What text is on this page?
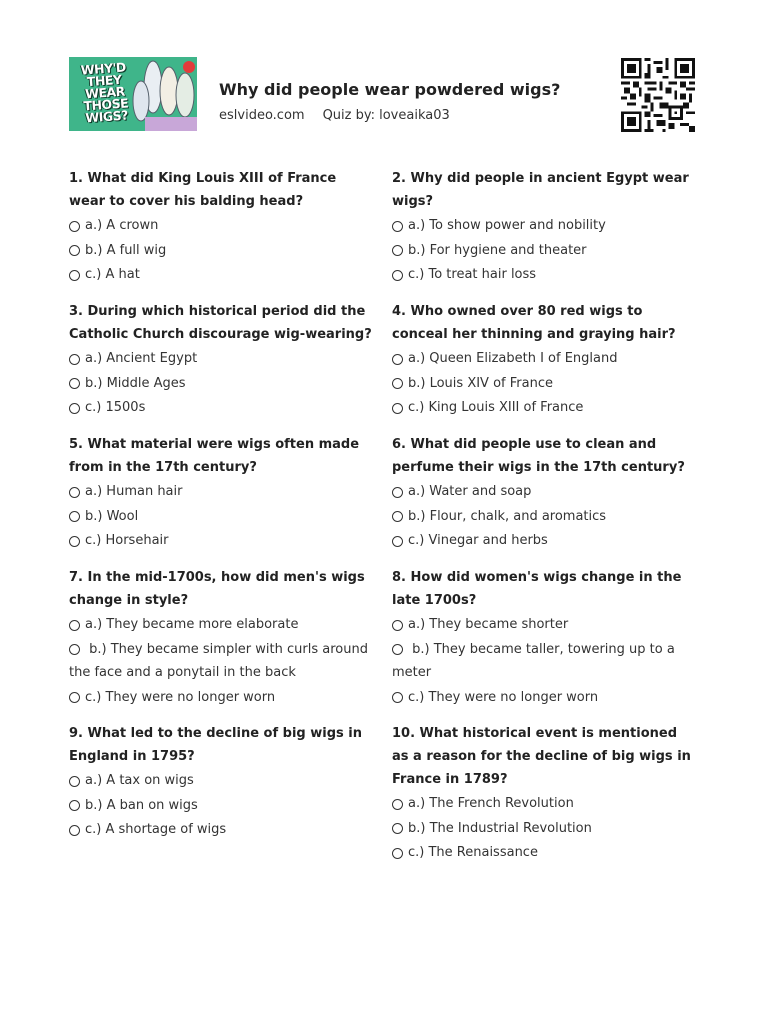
WHY'D THEY WEAR THOSE WIGS?
Why did people wear powdered wigs?
eslvideo.com Quiz by: loveaika03
1. What did King Louis XIII of France wear to cover his balding head?
a.) A crown
b.) A full wig
c.) A hat
3. During which historical period did the Catholic Church discourage wig-wearing?
a.) Ancient Egypt
b.) Middle Ages
c.) 1500s
5. What material were wigs often made from in the 17th century?
a.) Human hair
b.) Wool
c.) Horsehair
7. In the mid-1700s, how did men's wigs change in style?
a.) They became more elaborate
b.) They became simpler with curls around the face and a ponytail in the back
c.) They were no longer worn
9. What led to the decline of big wigs in England in 1795?
a.) A tax on wigs
b.) A ban on wigs
c.) A shortage of wigs
2. Why did people in ancient Egypt wear wigs?
a.) To show power and nobility
b.) For hygiene and theater
c.) To treat hair loss
4. Who owned over 80 red wigs to conceal her thinning and graying hair?
a.) Queen Elizabeth I of England
b.) Louis XIV of France
c.) King Louis XIII of France
6. What did people use to clean and perfume their wigs in the 17th century?
a.) Water and soap
b.) Flour, chalk, and aromatics
c.) Vinegar and herbs
8. How did women's wigs change in the late 1700s?
a.) They became shorter
b.) They became taller, towering up to a meter
c.) They were no longer worn
10. What historical event is mentioned as a reason for the decline of big wigs in France in 1789?
a.) The French Revolution
b.) The Industrial Revolution
c.) The Renaissance
